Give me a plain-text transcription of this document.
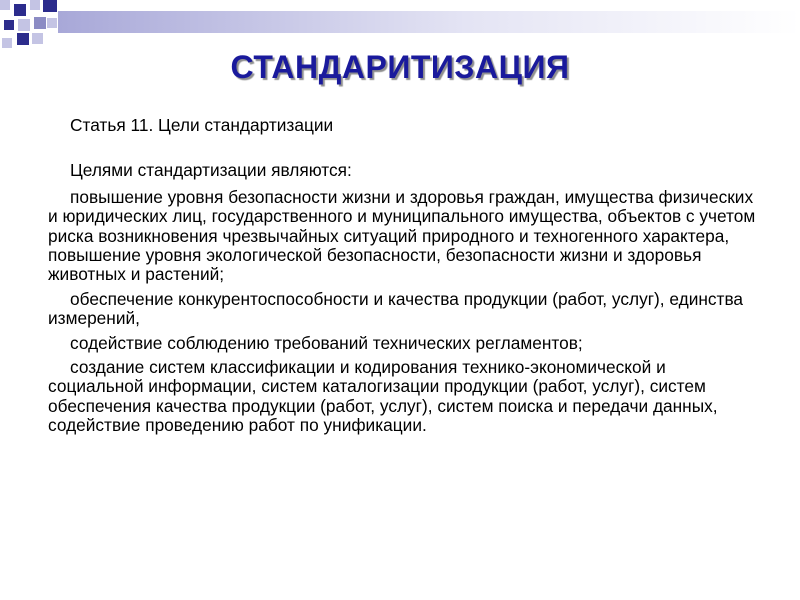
СТАНДАРИТИЗАЦИЯ

Статья 11. Цели стандартизации

Целями стандартизации являются:

повышение уровня безопасности жизни и здоровья граждан, имущества физических и юридических лиц, государственного и муниципального имущества, объектов с учетом риска возникновения чрезвычайных ситуаций природного и техногенного характера, повышение уровня экологической безопасности, безопасности жизни и здоровья животных и растений;

обеспечение конкурентоспособности и качества продукции (работ, услуг), единства измерений,

содействие соблюдению требований технических регламентов;

создание систем классификации и кодирования технико-экономической и социальной информации, систем каталогизации продукции (работ, услуг), систем обеспечения качества продукции (работ, услуг), систем поиска и передачи данных, содействие проведению работ по унификации.
